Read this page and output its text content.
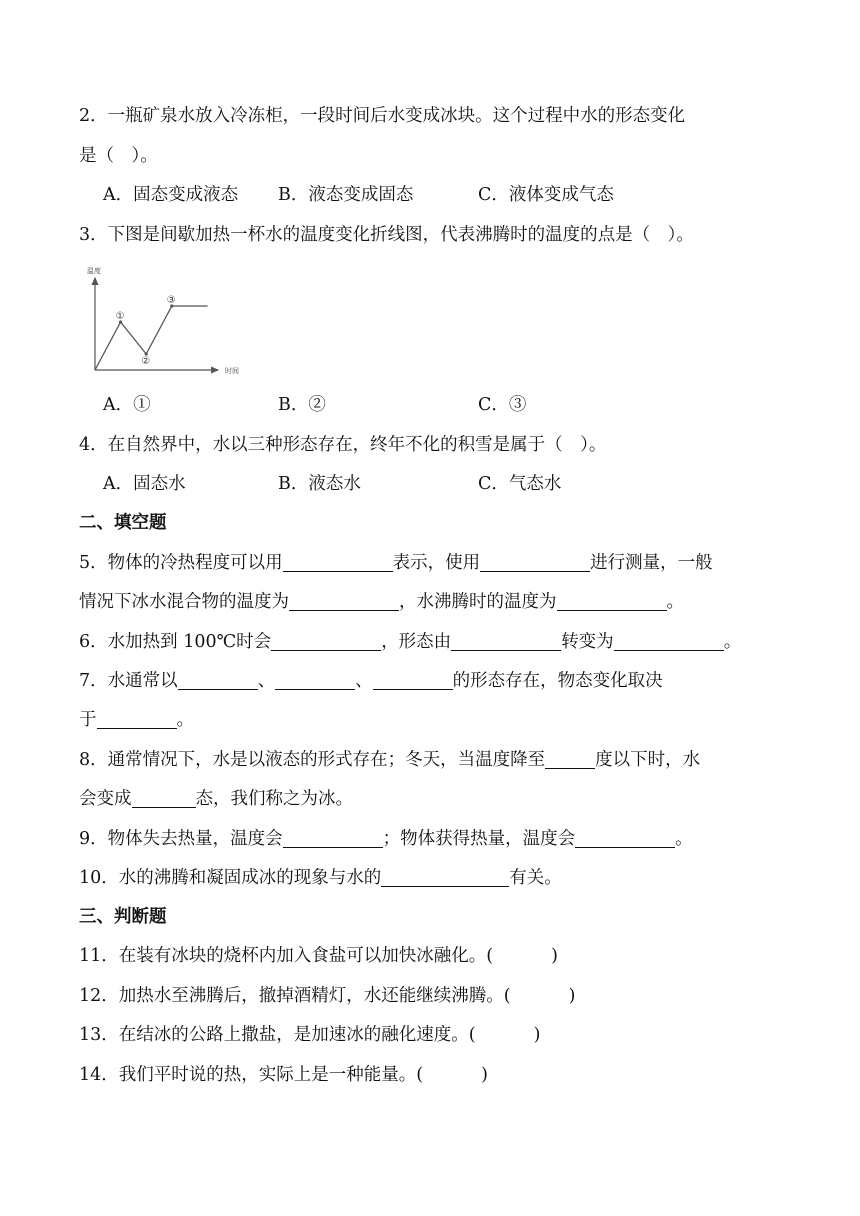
2．一瓶矿泉水放入冷冻柜，一段时间后水变成冰块。这个过程中水的形态变化
是（　）。
A．固态变成液态 B．液态变成固态	C．液体变成气态
3．下图是间歇加热一杯水的温度变化折线图，代表沸腾时的温度的点是（　）。
温度
时间
①
②
③
A．①	B．②	C．③
4．在自然界中，水以三种形态存在，终年不化的积雪是属于（　）。
A．固态水	B．液态水	C．气态水
二、填空题
5．物体的冷热程度可以用	表示，使用	进行测量，一般
情况下冰水混合物的温度为	，水沸腾时的温度为	。
6．水加热到 100℃时会	，形态由	转变为	。
7．水通常以	、	、	的形态存在，物态变化取决
于	。
8．通常情况下，水是以液态的形式存在；冬天，当温度降至	度以下时，水
会变成	态，我们称之为冰。
9．物体失去热量，温度会	；物体获得热量，温度会	。
10．水的沸腾和凝固成冰的现象与水的	有关。
三、判断题
11．在装有冰块的烧杯内加入食盐可以加快冰融化。(	)
12．加热水至沸腾后，撤掉酒精灯，水还能继续沸腾。(	)
13．在结冰的公路上撒盐，是加速冰的融化速度。(	)
14．我们平时说的热，实际上是一种能量。(	)
